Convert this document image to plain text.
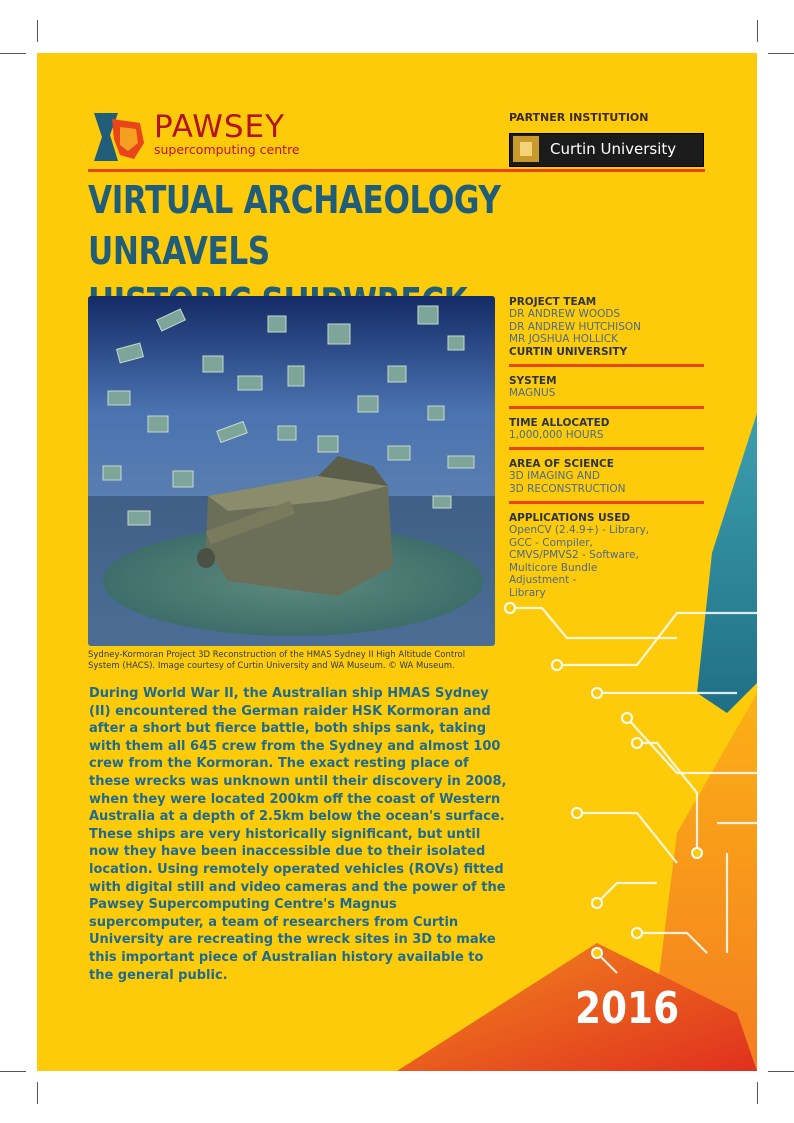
PAWSEY
supercomputing centre
PARTNER INSTITUTION
Curtin University
VIRTUAL ARCHAEOLOGY UNRAVELS
Sydney-Kormoran Project 3D Reconstruction of the HMAS Sydney II High Altitude Control System (HACS). Image courtesy of Curtin University and WA Museum. © WA Museum.
PROJECT TEAM
DR ANDREW WOODS
DR ANDREW HUTCHISON
MR JOSHUA HOLLICK
CURTIN UNIVERSITY
SYSTEM
MAGNUS
TIME ALLOCATED
1,000,000 HOURS
AREA OF SCIENCE
3D IMAGING AND
3D RECONSTRUCTION
APPLICATIONS USED
OpenCV (2.4.9+) - Library,
GCC - Compiler,
CMVS/PMVS2 - Software,
Multicore Bundle
Adjustment -
Library
During World War II, the Australian ship HMAS Sydney (II) encountered the German raider HSK Kormoran and after a short but fierce battle, both ships sank, taking with them all 645 crew from the Sydney and almost 100 crew from the Kormoran. The exact resting place of these wrecks was unknown until their discovery in 2008, when they were located 200km off the coast of Western Australia at a depth of 2.5km below the ocean's surface. These ships are very historically significant, but until now they have been inaccessible due to their isolated location. Using remotely operated vehicles (ROVs) fitted with digital still and video cameras and the power of the Pawsey Supercomputing Centre's Magnus supercomputer, a team of researchers from Curtin University are recreating the wreck sites in 3D to make this important piece of Australian history available to the general public.
2016
